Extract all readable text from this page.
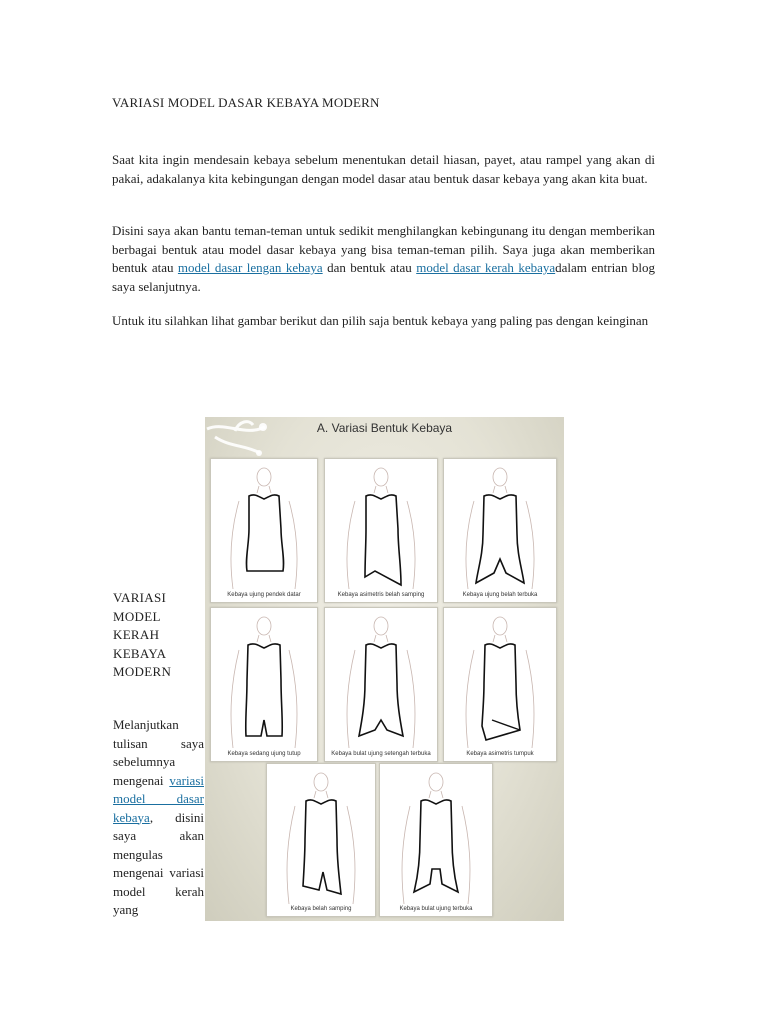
VARIASI MODEL DASAR KEBAYA MODERN

Saat kita ingin mendesain kebaya sebelum menentukan detail hiasan, payet, atau rampel yang akan di pakai, adakalanya kita kebingungan dengan model dasar atau bentuk dasar kebaya yang akan kita buat.

Disini saya akan bantu teman-teman untuk sedikit menghilangkan kebingunang itu dengan memberikan berbagai bentuk atau model dasar kebaya yang bisa teman-teman pilih. Saya juga akan memberikan bentuk atau model dasar lengan kebaya dan bentuk atau model dasar kerah kebayadalam entrian blog saya selanjutnya.

Untuk itu silahkan lihat gambar berikut dan pilih saja bentuk kebaya yang paling pas dengan keinginan

VARIASI MODEL KERAH KEBAYA MODERN

Melanjutkan tulisan saya sebelumnya mengenai variasi model dasar kebaya, disini saya akan mengulas mengenai variasi model kerah yang

A. Variasi Bentuk Kebaya
Kebaya ujung pendek datar	Kebaya asimetris belah samping	Kebaya ujung belah terbuka
Kebaya sedang ujung tutup	Kebaya bulat ujung setengah terbuka	Kebaya asimetris tumpuk
Kebaya belah samping	Kebaya bulat ujung terbuka
